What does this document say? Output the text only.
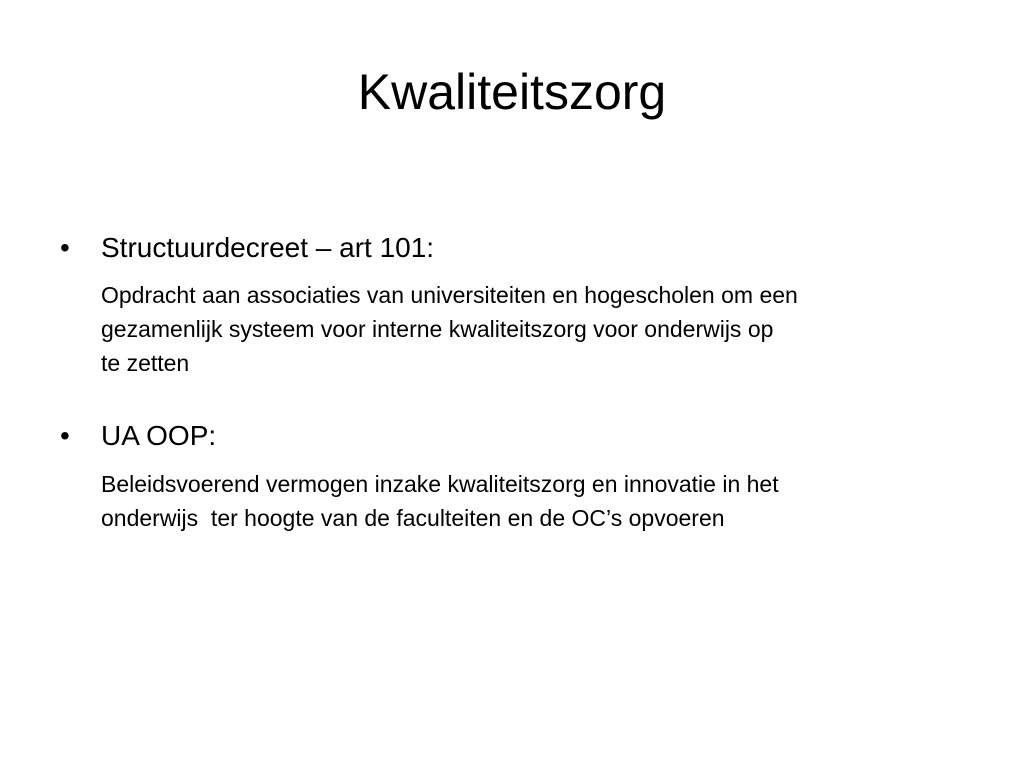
Kwaliteitszorg
•	Structuurdecreet – art 101:
Opdracht aan associaties van universiteiten en hogescholen om een
gezamenlijk systeem voor interne kwaliteitszorg voor onderwijs op
te zetten
•	UA OOP:
Beleidsvoerend vermogen inzake kwaliteitszorg en innovatie in het
onderwijs  ter hoogte van de faculteiten en de OC’s opvoeren
